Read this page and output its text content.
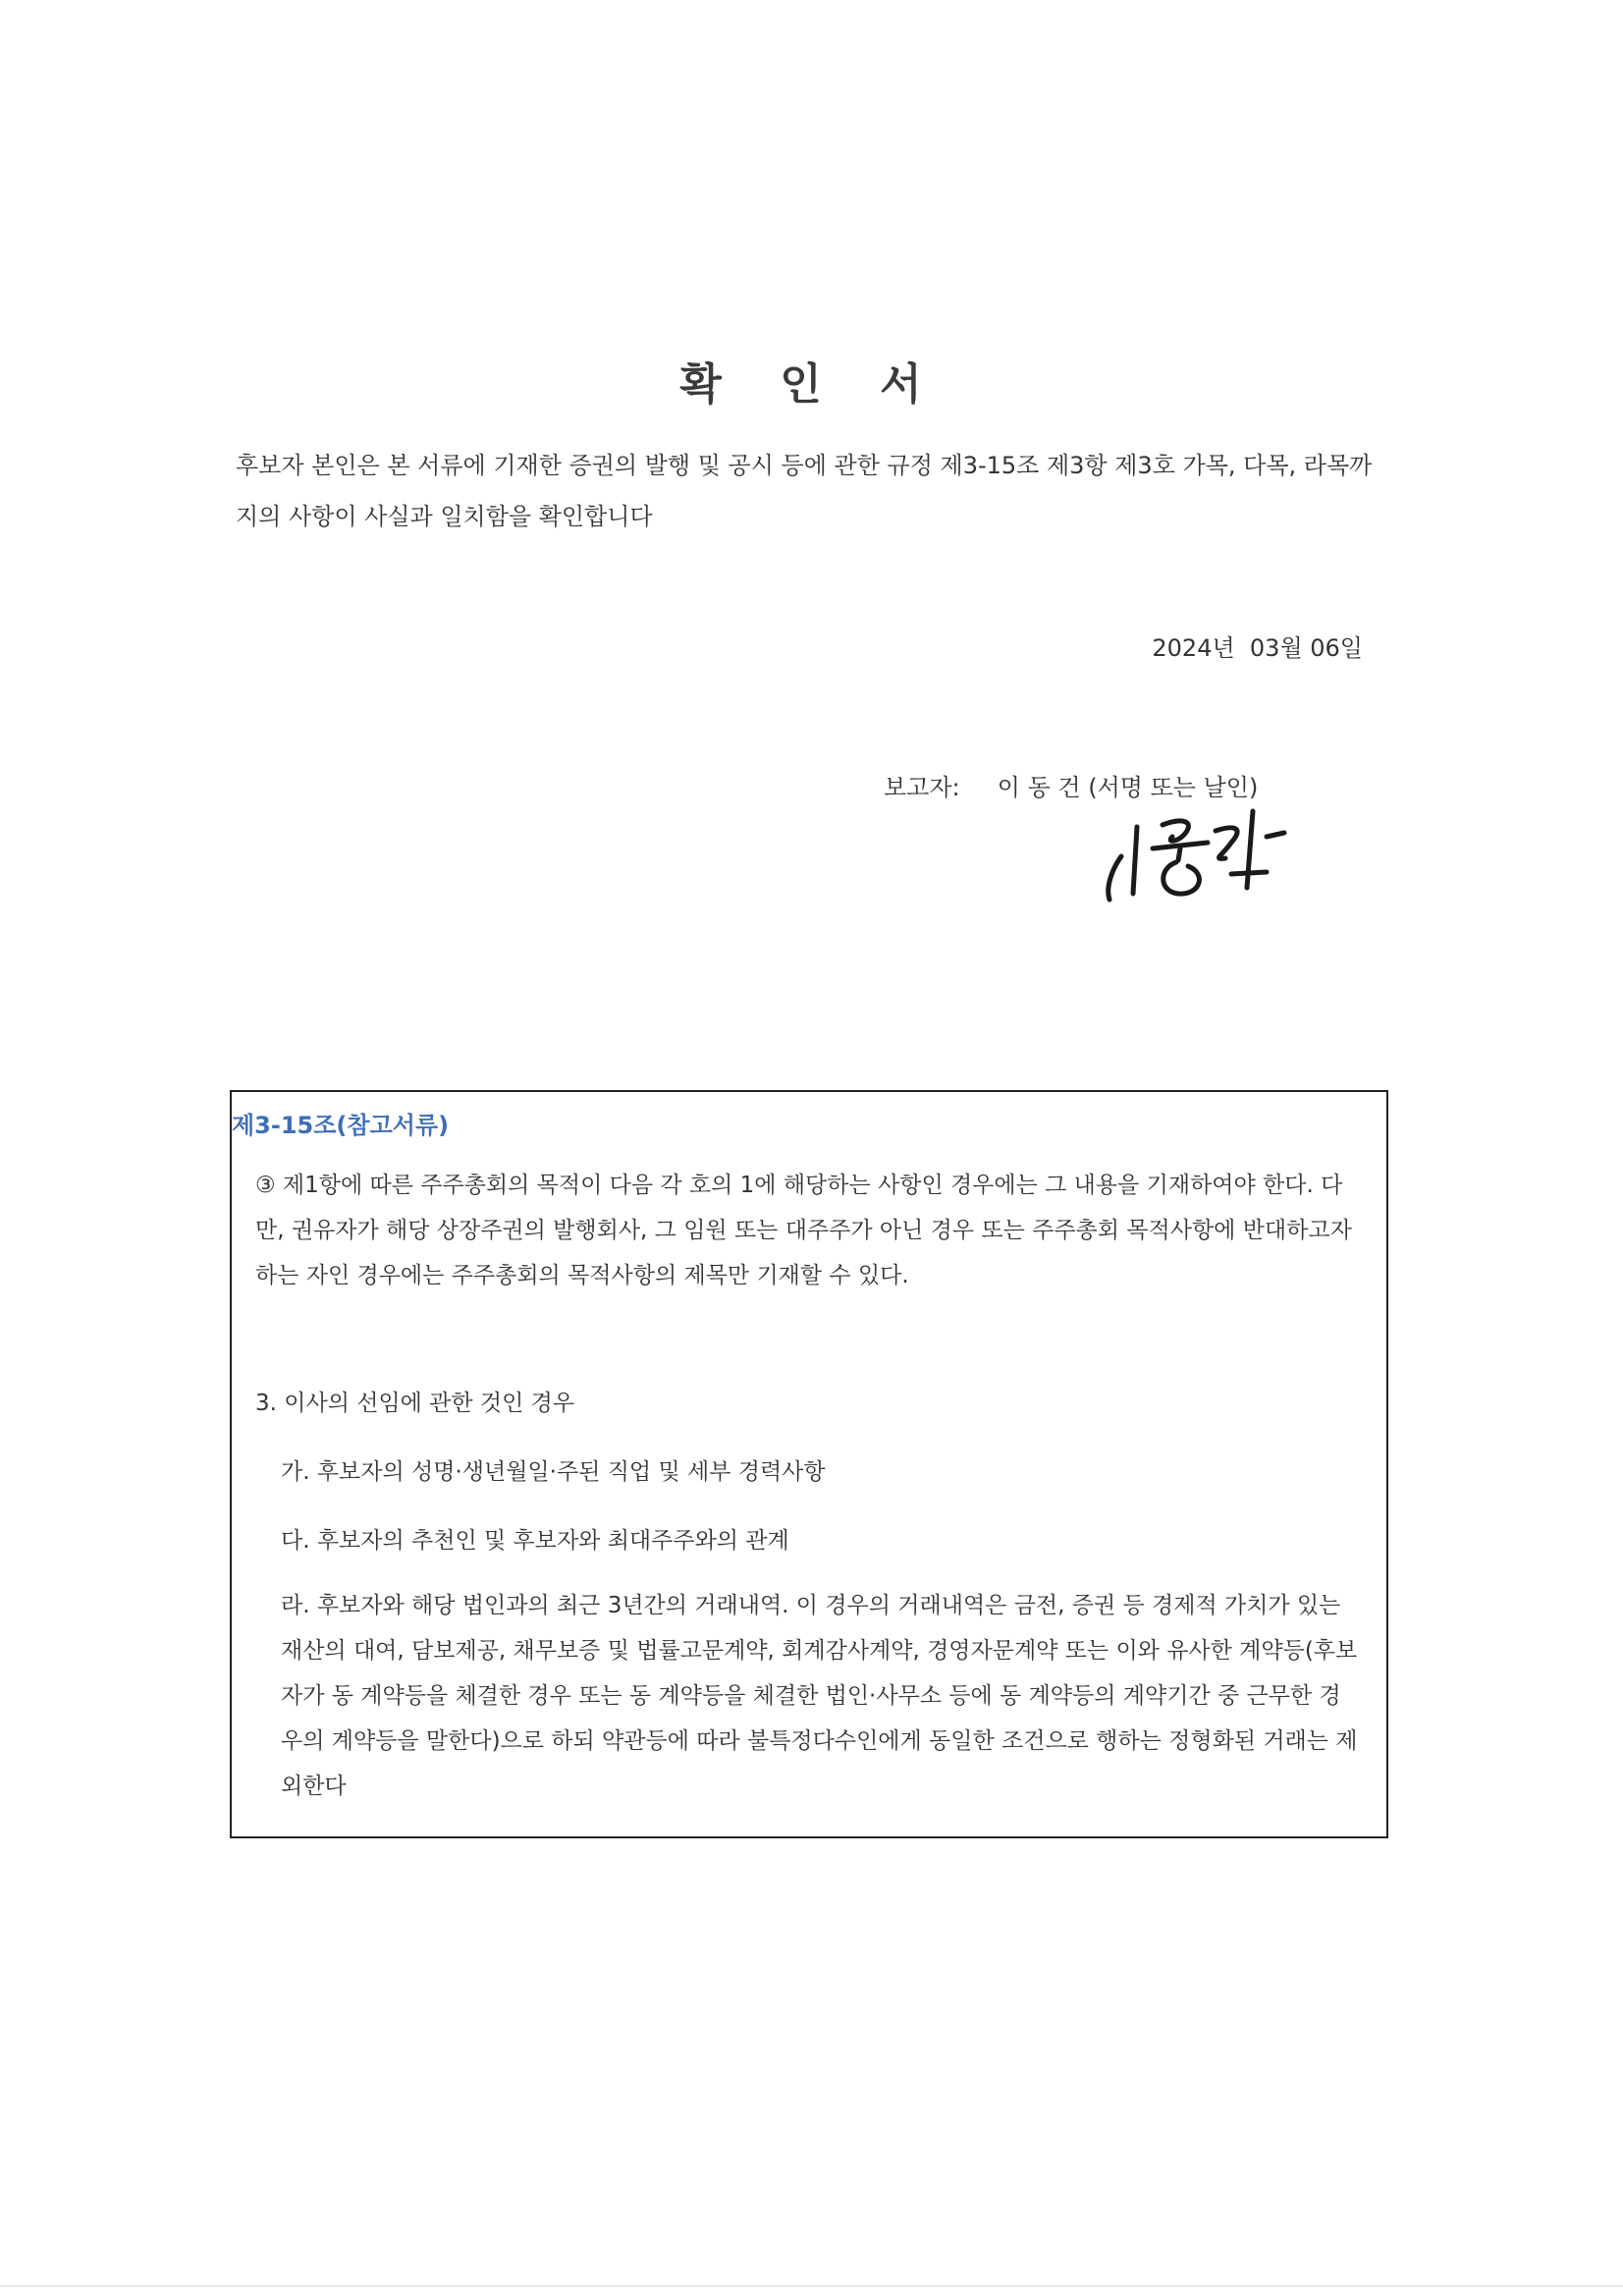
확 인 서
후보자 본인은 본 서류에 기재한 증권의 발행 및 공시 등에 관한 규정 제3-15조 제3항 제3호 가목, 다목, 라목까지의 사항이 사실과 일치함을 확인합니다
2024년  03월 06일
보고자: 이 동 건 (서명 또는 날인)
제3-15조(참고서류)
③ 제1항에 따른 주주총회의 목적이 다음 각 호의 1에 해당하는 사항인 경우에는 그 내용을 기재하여야 한다. 다만, 권유자가 해당 상장주권의 발행회사, 그 임원 또는 대주주가 아닌 경우 또는 주주총회 목적사항에 반대하고자 하는 자인 경우에는 주주총회의 목적사항의 제목만 기재할 수 있다.
3. 이사의 선임에 관한 것인 경우
가. 후보자의 성명·생년월일·주된 직업 및 세부 경력사항
다. 후보자의 추천인 및 후보자와 최대주주와의 관계
라. 후보자와 해당 법인과의 최근 3년간의 거래내역. 이 경우의 거래내역은 금전, 증권 등 경제적 가치가 있는 재산의 대여, 담보제공, 채무보증 및 법률고문계약, 회계감사계약, 경영자문계약 또는 이와 유사한 계약등(후보자가 동 계약등을 체결한 경우 또는 동 계약등을 체결한 법인·사무소 등에 동 계약등의 계약기간 중 근무한 경우의 계약등을 말한다)으로 하되 약관등에 따라 불특정다수인에게 동일한 조건으로 행하는 정형화된 거래는 제외한다
